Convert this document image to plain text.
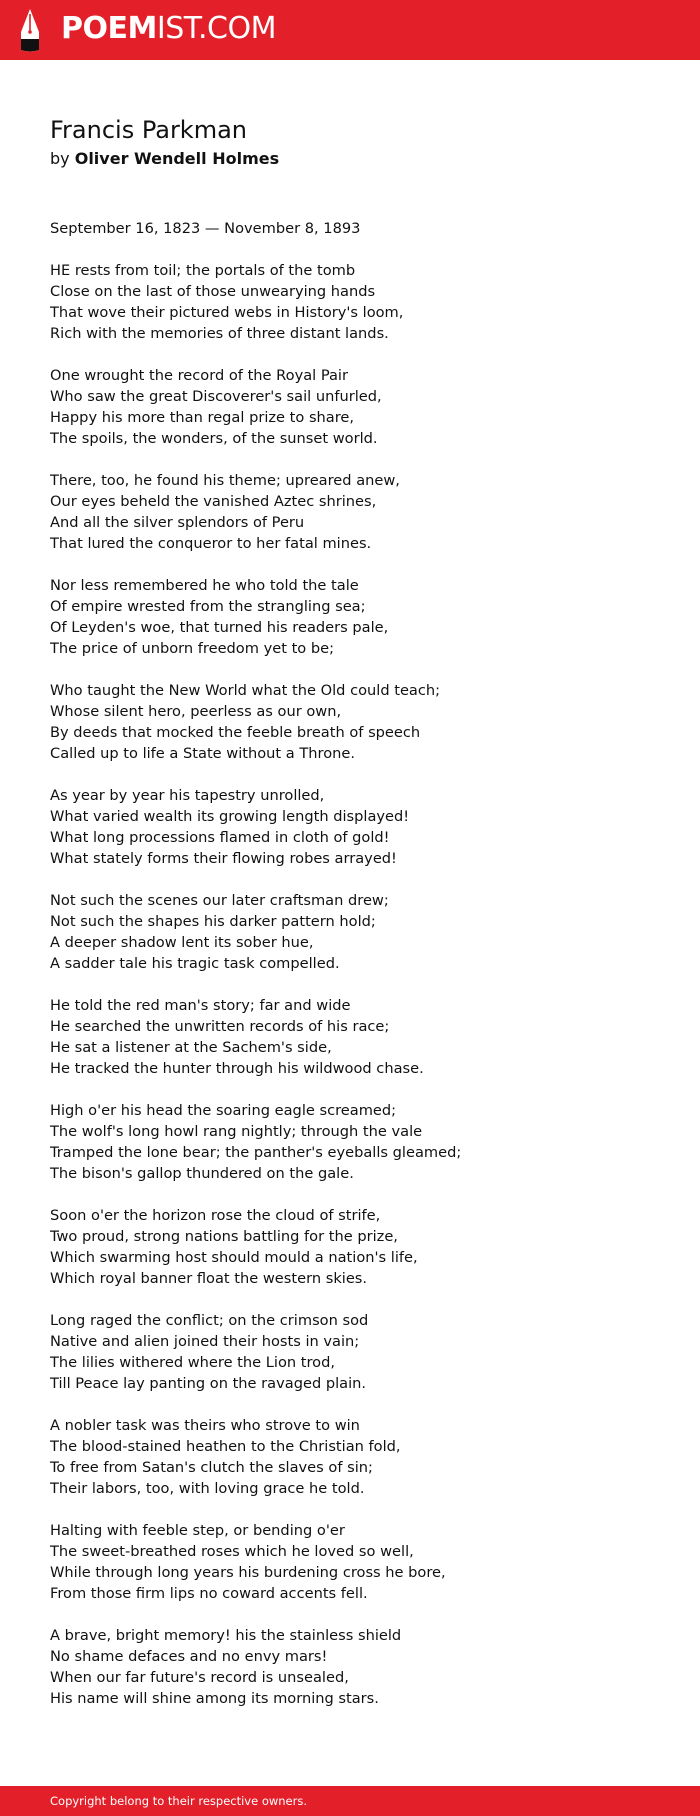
POEMIST.COM
Francis Parkman
by Oliver Wendell Holmes
September 16, 1823 — November 8, 1893
HE rests from toil; the portals of the tomb
Close on the last of those unwearying hands
That wove their pictured webs in History's loom,
Rich with the memories of three distant lands.
One wrought the record of the Royal Pair
Who saw the great Discoverer's sail unfurled,
Happy his more than regal prize to share,
The spoils, the wonders, of the sunset world.
There, too, he found his theme; upreared anew,
Our eyes beheld the vanished Aztec shrines,
And all the silver splendors of Peru
That lured the conqueror to her fatal mines.
Nor less remembered he who told the tale
Of empire wrested from the strangling sea;
Of Leyden's woe, that turned his readers pale,
The price of unborn freedom yet to be;
Who taught the New World what the Old could teach;
Whose silent hero, peerless as our own,
By deeds that mocked the feeble breath of speech
Called up to life a State without a Throne.
As year by year his tapestry unrolled,
What varied wealth its growing length displayed!
What long processions flamed in cloth of gold!
What stately forms their flowing robes arrayed!
Not such the scenes our later craftsman drew;
Not such the shapes his darker pattern hold;
A deeper shadow lent its sober hue,
A sadder tale his tragic task compelled.
He told the red man's story; far and wide
He searched the unwritten records of his race;
He sat a listener at the Sachem's side,
He tracked the hunter through his wildwood chase.
High o'er his head the soaring eagle screamed;
The wolf's long howl rang nightly; through the vale
Tramped the lone bear; the panther's eyeballs gleamed;
The bison's gallop thundered on the gale.
Soon o'er the horizon rose the cloud of strife,
Two proud, strong nations battling for the prize,
Which swarming host should mould a nation's life,
Which royal banner float the western skies.
Long raged the conflict; on the crimson sod
Native and alien joined their hosts in vain;
The lilies withered where the Lion trod,
Till Peace lay panting on the ravaged plain.
A nobler task was theirs who strove to win
The blood-stained heathen to the Christian fold,
To free from Satan's clutch the slaves of sin;
Their labors, too, with loving grace he told.
Halting with feeble step, or bending o'er
The sweet-breathed roses which he loved so well,
While through long years his burdening cross he bore,
From those firm lips no coward accents fell.
A brave, bright memory! his the stainless shield
No shame defaces and no envy mars!
When our far future's record is unsealed,
His name will shine among its morning stars.
Copyright belong to their respective owners.
